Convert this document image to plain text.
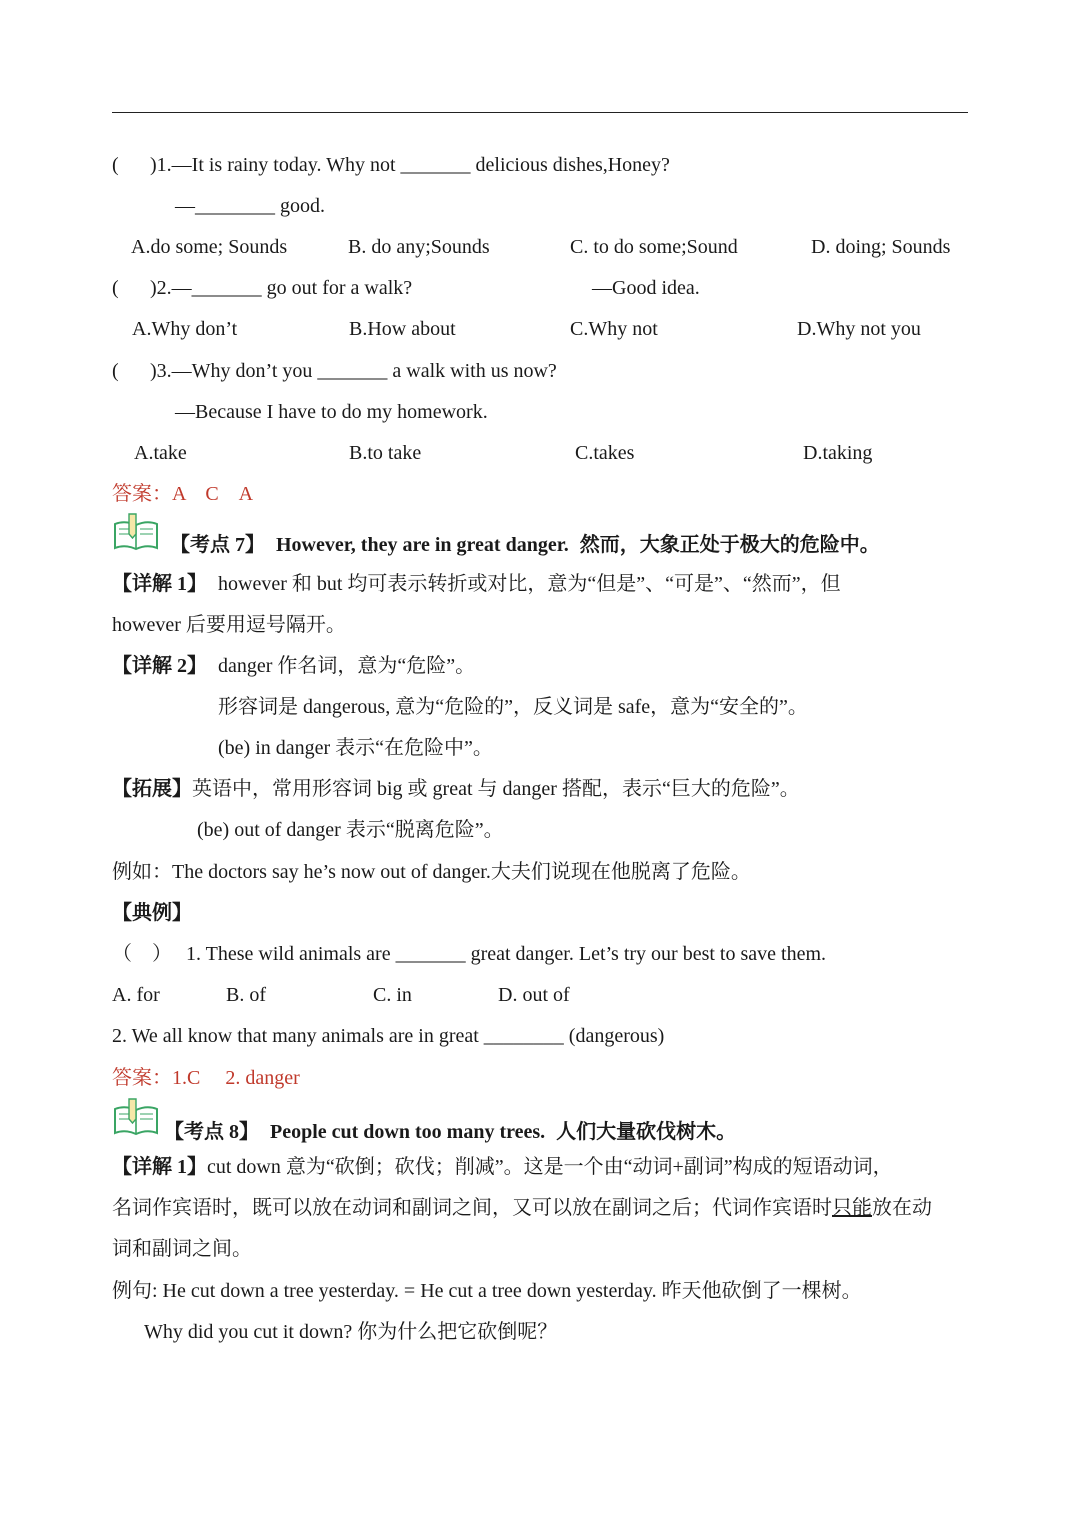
( )1.—It is rainy today. Why not _______ delicious dishes,Honey?
—________ good.
A.do some; Sounds	B. do any;Sounds	C. to do some;Sound	D. doing; Sounds
( )2.—_______ go out for a walk?	—Good idea.
A.Why don’t	B.How about	C.Why not	D.Why not you
( )3.—Why don’t you _______ a walk with us now?
—Because I have to do my homework.
A.take	B.to take	C.takes	D.taking
答案：A　C　A
【考点 7】 However, they are in great danger. 然而，大象正处于极大的危险中。
【详解 1】 however 和 but 均可表示转折或对比，意为“但是”、“可是”、“然而”，但
however 后要用逗号隔开。
【详解 2】 danger 作名词，意为“危险”。
形容词是 dangerous, 意为“危险的”，反义词是 safe，意为“安全的”。
(be) in danger 表示“在危险中”。
【拓展】英语中，常用形容词 big 或 great 与 danger 搭配，表示“巨大的危险”。
(be) out of danger 表示“脱离危险”。
例如：The doctors say he’s now out of danger.大夫们说现在他脱离了危险。
【典例】
（　） 1. These wild animals are _______ great danger. Let’s try our best to save them.
A. for	B. of	C. in	D. out of
2. We all know that many animals are in great ________ (dangerous)
答案：1.C　 2. danger
【考点 8】 People cut down too many trees. 人们大量砍伐树木。
【详解 1】cut down 意为“砍倒；砍伐；削减”。这是一个由“动词+副词”构成的短语动词，
名词作宾语时，既可以放在动词和副词之间，又可以放在副词之后；代词作宾语时只能放在动
词和副词之间。
例句: He cut down a tree yesterday. = He cut a tree down yesterday. 昨天他砍倒了一棵树。
Why did you cut it down? 你为什么把它砍倒呢？
